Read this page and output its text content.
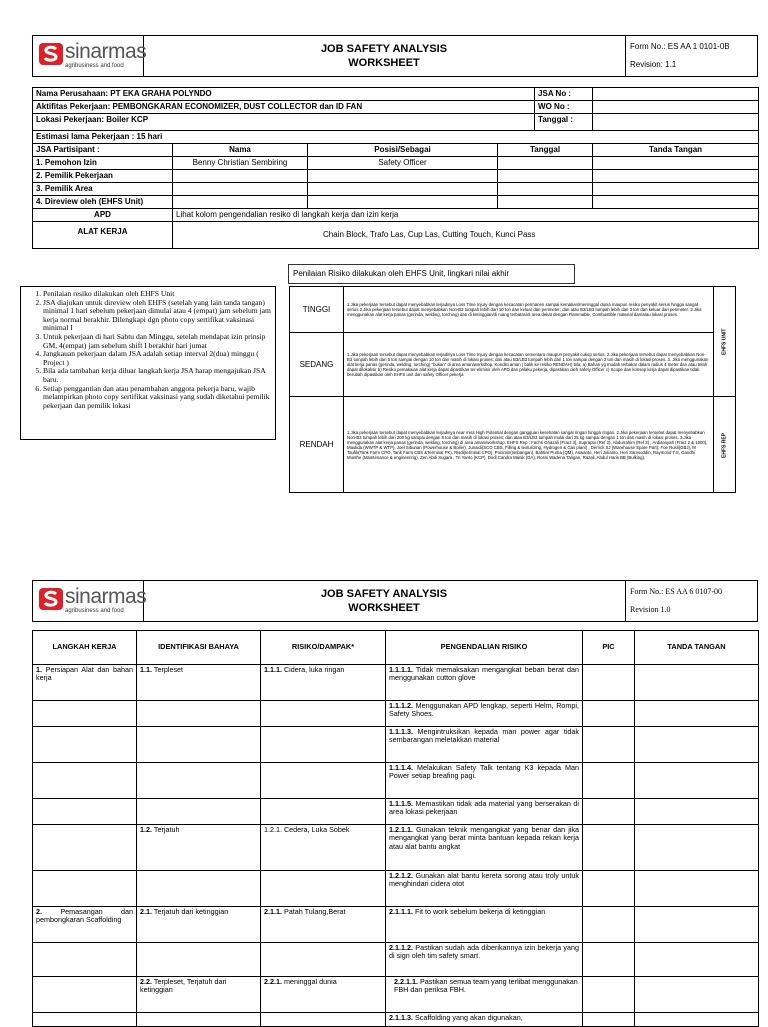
sinarmas
agribusiness and food
JOB SAFETY ANALYSIS
WORKSHEET
Form No.: ES AA 1 0101-0B
Revision: 1.1
Nama Perusahaan: PT EKA GRAHA POLYNDO				JSA No :	
Aktifitas Pekerjaan: PEMBONGKARAN ECONOMIZER, DUST COLLECTOR dan ID FAN				WO No :	
Lokasi Pekerjaan: Boiler KCP				Tanggal :	
Estimasi lama Pekerjaan : 15 hari					
JSA Partisipant :	Nama	Posisi/Sebagai	Tanggal		Tanda Tangan
1. Pemohon Izin	Benny Christian Sembiring	Safety Officer			
2. Pemilik Pekerjaan					
3. Pemilik Area					
4. Direview oleh (EHFS Unit)					
APD	Lihat kolom pengendalian resiko di langkah kerja dan izin kerja				
ALAT KERJA	Chain Block, Trafo Las, Cup Las, Cutting Touch, Kunci Pass				
Penilaian Risiko dilakukan oleh EHFS Unit, lingkari nilai akhir
1. Penilaian resiko dilakukan oleh EHFS Unit
2. JSA diajukan untuk direview oleh EHFS (setelah yang lain tanda tangan) minimal 1 hari sebelum pekerjaan dimulai atau 4 (empat) jam sebelum jam kerja normal berakhir. Dilengkapi dgn photo copy sertifikat vaksinasi minimal I
3. Untuk pekerjaan di hari Sabtu dan Minggu, setelah mendapat izin prinsip GM, 4(empat) jam sebelum shift I berakhir hari jumat
4. Jangkauan pekerjaan dalam JSA adalah setiap interval 2(dua) minggu ( Project )
5. Bila ada tambahan kerja diluar langkah kerja JSA harap mengajukan JSA baru.
6. Setiap penggantian dan atau penambahan anggota pekerja baru, wajib melampirkan photo copy sertifikat vaksinasi yang sudah diketahui pemilik pekerjaan dan pemilik lokasi
TINGGI	1.Jika pekerjaan tersebut dapat menyebabkan terjadinya Loss Time Injury dengan kecacatan permanen sampai kematian/meninggal dunia maupun resiko penyakit serius hingga sangat serius 2.Jika pekerjaan tersebut dapat menyebabkan Non-B3 tumpah lebih dari 10 ton dan keluar dari perimeter; dan atau B3/LB3 tumpah lebih dari 3 ton dan keluar dari perimeter. 3.Jika menggunakan alat kerja panas (gerinda, welding, torching) dan di ketinggian/di ruang terbatas/di area dekat dengan Flammable, Combustible material dan/atau lokasi proses.	EHFS UNIT
SEDANG	1.Jika pekerjaan tersebut dapat menyebabkan terjadinya Loss Time Injury dengan kecacatan sementara maupun penyakit cukup serius. 2.Jika pekerjaan tersebut dapat menyebabkan Non-B3 tumpah lebih dari 5 ton sampai dengan 10 ton dan masih di lokasi proses; dan atau B3/LB3 tumpah lebih dari 1 ton sampai dengan 3 ton dan masih di lokasi proses. 3. Jika menggunakan alat kerja panas (gerinda, welding, torching) "bukan" di area aman/workshop. Kondisi aman ( balik ke resiko RENDAH) bila: a) Bahan yg mudah terbakar dalam radius 4 meter dan atau telah dapat dilokalisir b) Resiko pemakaian alat kerja dapat dipastikan ter-eliminir oleh APD dan prilaku pekerja, dipastikan oleh safety Officer c) Scope dan konsep kerja dapat dipastikan tidak berubah dipastikan oleh EHFS unit dan safety Officer pekerja	
RENDAH	1.Jika pekerjaan tersebut dapat menyebabkan terjadinya near miss High Potential dengan gangguan kesehatan sangat ringan hingga ringan. 2.Jika pekerjaan tersebut dapat menyebabkan Non-B3 tumpah lebih dari 200 kg sampai dengan 5 ton dan masih di lokasi proses; dan atau B3/LB3 tumpah mulai dari 25 kg sampai dengan 1 ton dan masih di lokasi proses. 3.Jika menggunakan alat kerja panas (gerinda, welding, torching) di area aman/workshop. EHFS Rep : Fachri Ghazali (Fract 3), Suprapto (Ref 2), Abdurrahim (Ref 3) , Ardiansyah (Fract 2 & 1000), Maulida (WWTP & WTP), Joel Siburian (Powerhouse & Boiler), Junaidi(SCO CBS, Filling & texturizing, Hydrogen & Gas plant) , Derrick SJ (Warehouse Spare Part); Foe Rusli(GBJ), M Taufik(Tank Farm CPO, Tank Farm CBS &Terminal PK), Risdi(terminal CPO), Ponimin(timbangan), Bahtiar Purba (QM), Aswanto, Heri Julianto, Heri Samsuddin, Raymond T.S, Gandhi Munthe (Maintenance & engineering), Zen Abdi Sugara , Tri Yanto (KCP), Dodi Candra Manik (GA), Rossi Wadena Tarigan, Razali, Abdul Haris BB (Bulking),	EHFS REP
sinarmas
agribusiness and food
JOB SAFETY ANALYSIS
WORKSHEET
Form No.: ES AA 6 0107-00
Revision 1.0
LANGKAH KERJA	IDENTIFIKASI BAHAYA	RISIKO/DAMPAK*	PENGENDALIAN RISIKO	PIC	TANDA TANGAN
1. Persiapan Alat dan bahan kerja	1.1. Terpleset	1.1.1. Cidera, luka ringan	1.1.1.1. Tidak memaksakan mengangkat beban berat dan menggunakan cutton glove		
			1.1.1.2. Menggunakan APD lengkap, seperti Helm, Rompi, Safety Shoes.		
			1.1.1.3. Mengintruksikan kepada man power agar tidak sembarangan meletakkan material		
			1.1.1.4. Melakukan Safety Talk tentang K3 kepada Man Power setiap breafing pagi.		
			1.1.1.5. Memastikan tidak ada material yang berserakan di area lokasi pekerjaan		
	1.2. Terjatuh	1.2.1. Cedera, Luka Sobek	1.2.1.1. Gunakan teknik mengangkat yang benar dan jika mengangkat yang berat minta bantuan kepada rekan kerja atau alat bantu angkat		
			1.2.1.2. Gunakan alat bantu kereta sorong atau troly untuk menghindari cidera otot		
2. Pemasangan dan pembongkaran Scaffolding	2.1. Terjatuh dari ketinggian	2.1.1. Patah Tulang,Berat	2.1.1.1. Fit to work sebelum bekerja di ketinggian		
			2.1.1.2. Pastikan sudah ada diberikannya izin bekerja yang di sign oleh tim safety smart.		
	2.2. Terpleset, Terjatuh dari ketinggian	2.2.1. meninggal dunia	2.2.1.1. Pastikan semua team yang terlibat menggunakan FBH dan periksa FBH.		
			2.1.1.3. Scaffolding yang akan digunakan,		
